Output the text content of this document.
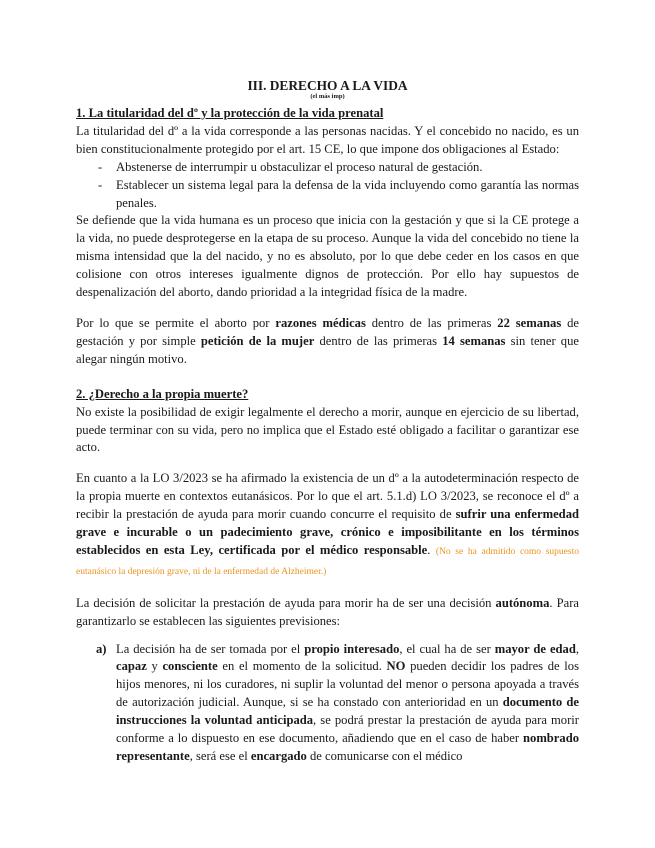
III. DERECHO A LA VIDA
(el más imp)
1. La titularidad del dº y la protección de la vida prenatal

La titularidad del dº a la vida corresponde a las personas nacidas. Y el concebido no nacido, es un bien constitucionalmente protegido por el art. 15 CE, lo que impone dos obligaciones al Estado:

- Abstenerse de interrumpir u obstaculizar el proceso natural de gestación.
- Establecer un sistema legal para la defensa de la vida incluyendo como garantía las normas penales.

Se defiende que la vida humana es un proceso que inicia con la gestación y que si la CE protege a la vida, no puede desprotegerse en la etapa de su proceso. Aunque la vida del concebido no tiene la misma intensidad que la del nacido, y no es absoluto, por lo que debe ceder en los casos en que colisione con otros intereses igualmente dignos de protección. Por ello hay supuestos de despenalización del aborto, dando prioridad a la integridad física de la madre.

Por lo que se permite el aborto por razones médicas dentro de las primeras 22 semanas de gestación y por simple petición de la mujer dentro de las primeras 14 semanas sin tener que alegar ningún motivo.

2. ¿Derecho a la propia muerte?

No existe la posibilidad de exigir legalmente el derecho a morir, aunque en ejercicio de su libertad, puede terminar con su vida, pero no implica que el Estado esté obligado a facilitar o garantizar ese acto.

En cuanto a la LO 3/2023 se ha afirmado la existencia de un dº a la autodeterminación respecto de la propia muerte en contextos eutanásicos. Por lo que el art. 5.1.d) LO 3/2023, se reconoce el dº a recibir la prestación de ayuda para morir cuando concurre el requisito de sufrir una enfermedad grave e incurable o un padecimiento grave, crónico e imposibilitante en los términos establecidos en esta Ley, certificada por el médico responsable. (No se ha admitido como supuesto eutanásico la depresión grave, ni de la enfermedad de Alzheimer.)

La decisión de solicitar la prestación de ayuda para morir ha de ser una decisión autónoma. Para garantizarlo se establecen las siguientes previsiones:

a) La decisión ha de ser tomada por el propio interesado, el cual ha de ser mayor de edad, capaz y consciente en el momento de la solicitud. NO pueden decidir los padres de los hijos menores, ni los curadores, ni suplir la voluntad del menor o persona apoyada a través de autorización judicial. Aunque, si se ha constado con anterioridad en un documento de instrucciones la voluntad anticipada, se podrá prestar la prestación de ayuda para morir conforme a lo dispuesto en ese documento, añadiendo que en el caso de haber nombrado representante, será ese el encargado de comunicarse con el médico
